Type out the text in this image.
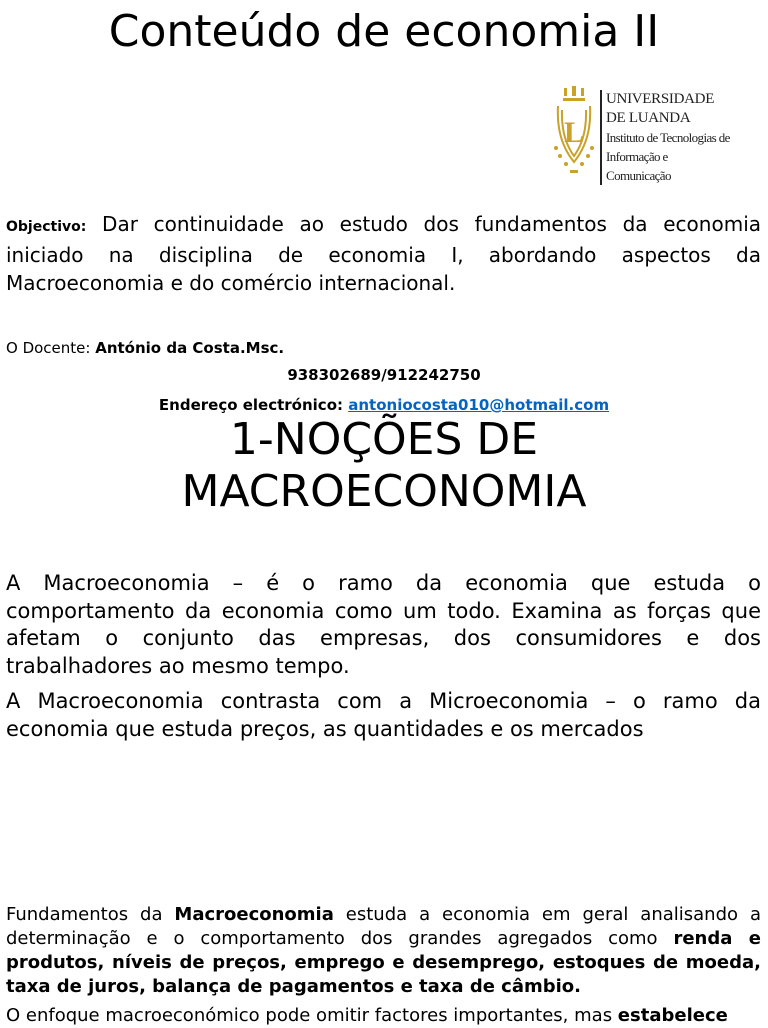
Conteúdo de economia II
L
UNIVERSIDADE
DE LUANDA
Instituto de Tecnologias de
Informação e Comunicação
Objectivo: Dar continuidade ao estudo dos fundamentos da economia iniciado na disciplina de economia I, abordando aspectos da Macroeconomia e do comércio internacional.
O Docente: António da Costa.Msc.
938302689/912242750
Endereço electrónico: antoniocosta010@hotmail.com
1-NOÇÕES DE
MACROECONOMIA
A Macroeconomia – é o ramo da economia que estuda o comportamento da economia como um todo. Examina as forças que afetam o conjunto das empresas, dos consumidores e dos trabalhadores ao mesmo tempo.
A Macroeconomia contrasta com a Microeconomia – o ramo da economia que estuda preços, as quantidades e os mercados
Fundamentos da Macroeconomia estuda a economia em geral analisando a determinação e o comportamento dos grandes agregados como renda e produtos, níveis de preços, emprego e desemprego, estoques de moeda, taxa de juros, balança de pagamentos e taxa de câmbio.
O enfoque macroeconómico pode omitir factores importantes, mas estabelece
